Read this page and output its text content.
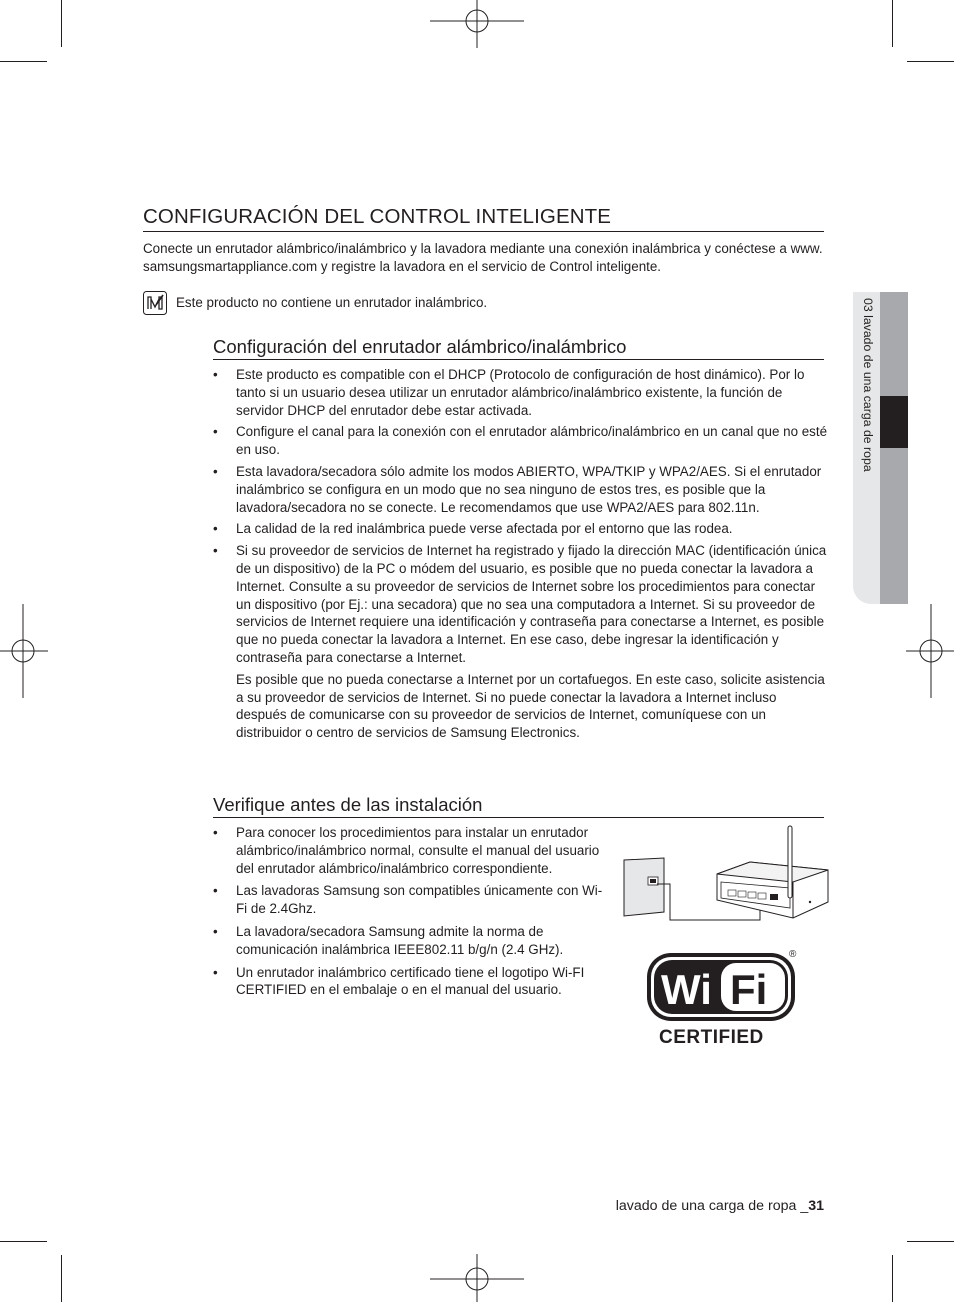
03 lavado de una carga de ropa
CONFIGURACIÓN DEL CONTROL INTELIGENTE

Conecte un enrutador alámbrico/inalámbrico y la lavadora mediante una conexión inalámbrica y conéctese a www. samsungsmartappliance.com y registre la lavadora en el servicio de Control inteligente.

Este producto no contiene un enrutador inalámbrico.

Configuración del enrutador alámbrico/inalámbrico
• Este producto es compatible con el DHCP (Protocolo de configuración de host dinámico). Por lo tanto si un usuario desea utilizar un enrutador alámbrico/inalámbrico existente, la función de servidor DHCP del enrutador debe estar activada.
• Configure el canal para la conexión con el enrutador alámbrico/inalámbrico en un canal que no esté en uso.
• Esta lavadora/secadora sólo admite los modos ABIERTO, WPA/TKIP y WPA2/AES. Si el enrutador inalámbrico se configura en un modo que no sea ninguno de estos tres, es posible que la lavadora/secadora no se conecte. Le recomendamos que use WPA2/AES para 802.11n.
• La calidad de la red inalámbrica puede verse afectada por el entorno que las rodea.
• Si su proveedor de servicios de Internet ha registrado y fijado la dirección MAC (identificación única de un dispositivo) de la PC o módem del usuario, es posible que no pueda conectar la lavadora a Internet. Consulte a su proveedor de servicios de Internet sobre los procedimientos para conectar un dispositivo (por Ej.: una secadora) que no sea una computadora a Internet. Si su proveedor de servicios de Internet requiere una identificación y contraseña para conectarse a Internet, es posible que no pueda conectar la lavadora a Internet. En ese caso, debe ingresar la identificación y contraseña para conectarse a Internet.
Es posible que no pueda conectarse a Internet por un cortafuegos. En este caso, solicite asistencia a su proveedor de servicios de Internet. Si no puede conectar la lavadora a Internet incluso después de comunicarse con su proveedor de servicios de Internet, comuníquese con un distribuidor o centro de servicios de Samsung Electronics.
Verifique antes de las instalación
• Para conocer los procedimientos para instalar un enrutador alámbrico/inalámbrico normal, consulte el manual del usuario del enrutador alámbrico/inalámbrico correspondiente.
• Las lavadoras Samsung son compatibles únicamente con Wi-Fi de 2.4Ghz.
• La lavadora/secadora Samsung admite la norma de comunicación inalámbrica IEEE802.11 b/g/n (2.4 GHz).
• Un enrutador inalámbrico certificado tiene el logotipo Wi-FI CERTIFIED en el embalaje o en el manual del usuario.	Wi Fi
CERTIFIED
®

lavado de una carga de ropa _31
